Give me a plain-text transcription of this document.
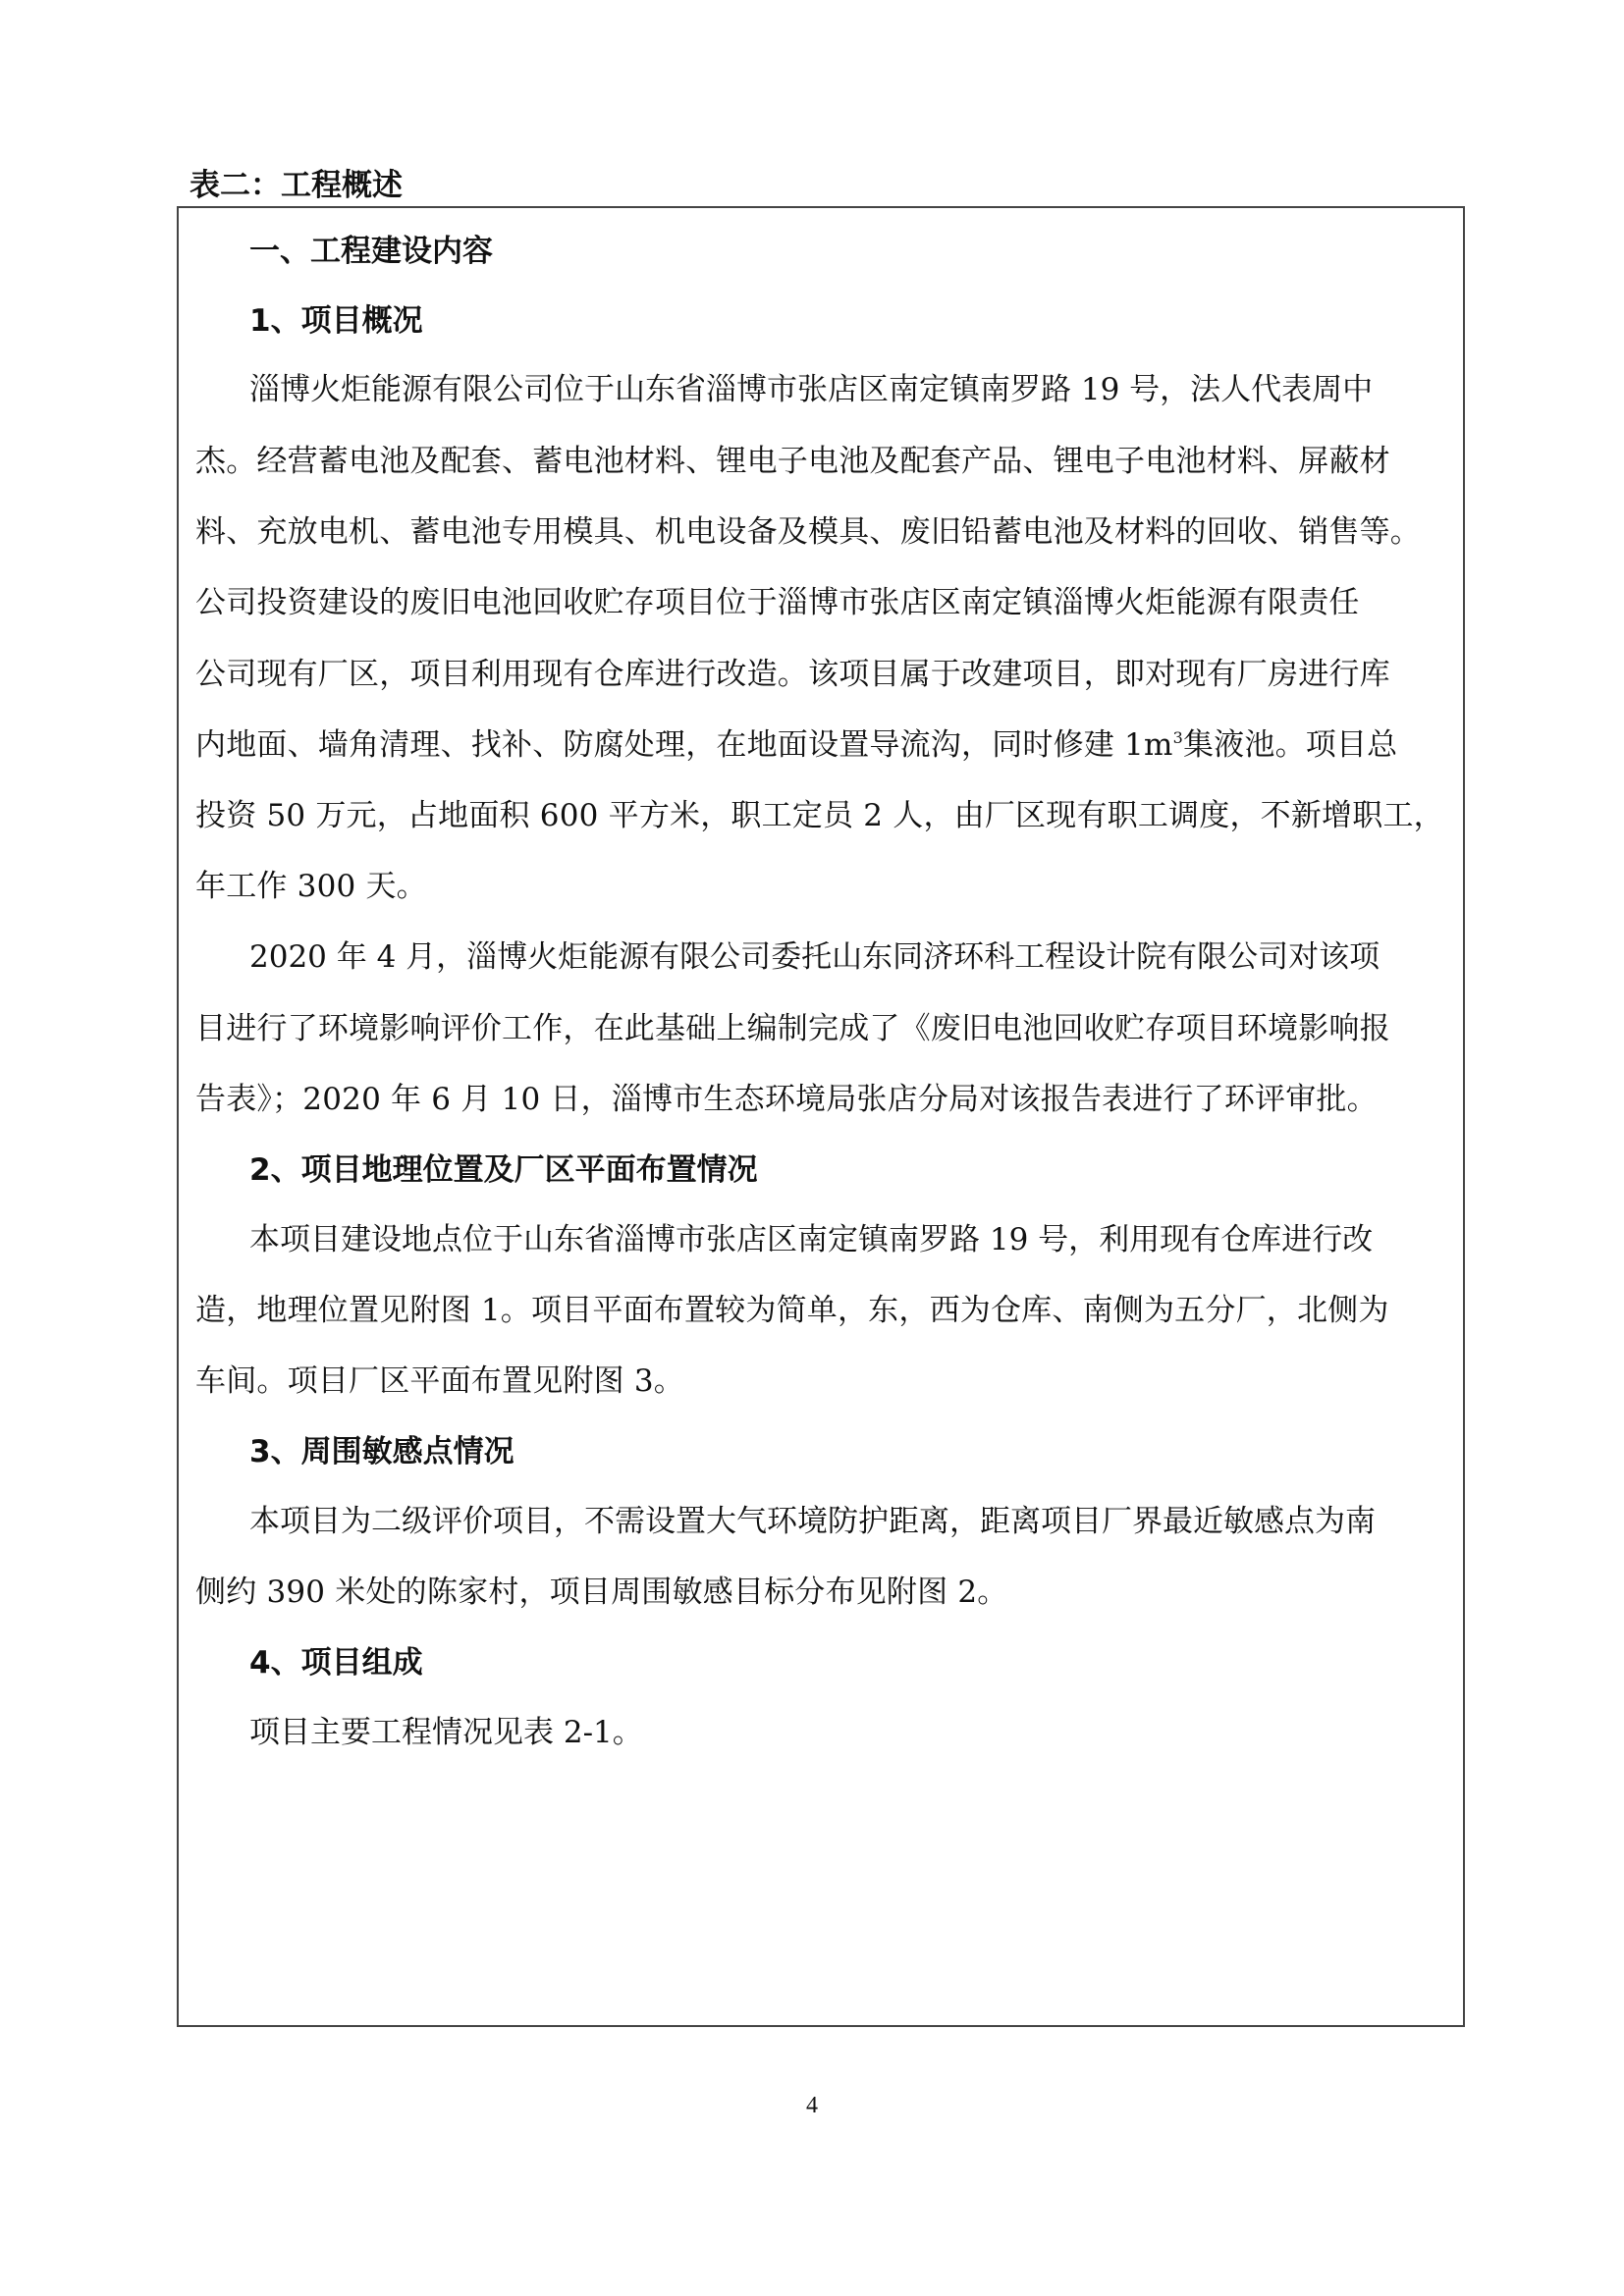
表二：工程概述
一、工程建设内容
1、项目概况
淄博火炬能源有限公司位于山东省淄博市张店区南定镇南罗路 19 号，法人代表周中
杰。经营蓄电池及配套、蓄电池材料、锂电子电池及配套产品、锂电子电池材料、屏蔽材
料、充放电机、蓄电池专用模具、机电设备及模具、废旧铅蓄电池及材料的回收、销售等。
公司投资建设的废旧电池回收贮存项目位于淄博市张店区南定镇淄博火炬能源有限责任
公司现有厂区，项目利用现有仓库进行改造。该项目属于改建项目，即对现有厂房进行库
内地面、墙角清理、找补、防腐处理，在地面设置导流沟，同时修建 $1m^3$集液池。项目总
投资 50 万元，占地面积 600 平方米，职工定员 2 人，由厂区现有职工调度，不新增职工，
年工作 300 天。
2020 年 4 月，淄博火炬能源有限公司委托山东同济环科工程设计院有限公司对该项
目进行了环境影响评价工作，在此基础上编制完成了《废旧电池回收贮存项目环境影响报
告表》；2020 年 6 月 10 日，淄博市生态环境局张店分局对该报告表进行了环评审批。
2、项目地理位置及厂区平面布置情况
本项目建设地点位于山东省淄博市张店区南定镇南罗路 19 号，利用现有仓库进行改
造，地理位置见附图 1。项目平面布置较为简单，东，西为仓库、南侧为五分厂，北侧为
车间。项目厂区平面布置见附图 3。
3、周围敏感点情况
本项目为二级评价项目，不需设置大气环境防护距离，距离项目厂界最近敏感点为南
侧约 390 米处的陈家村，项目周围敏感目标分布见附图 2。
4、项目组成
项目主要工程情况见表 2-1。
4
